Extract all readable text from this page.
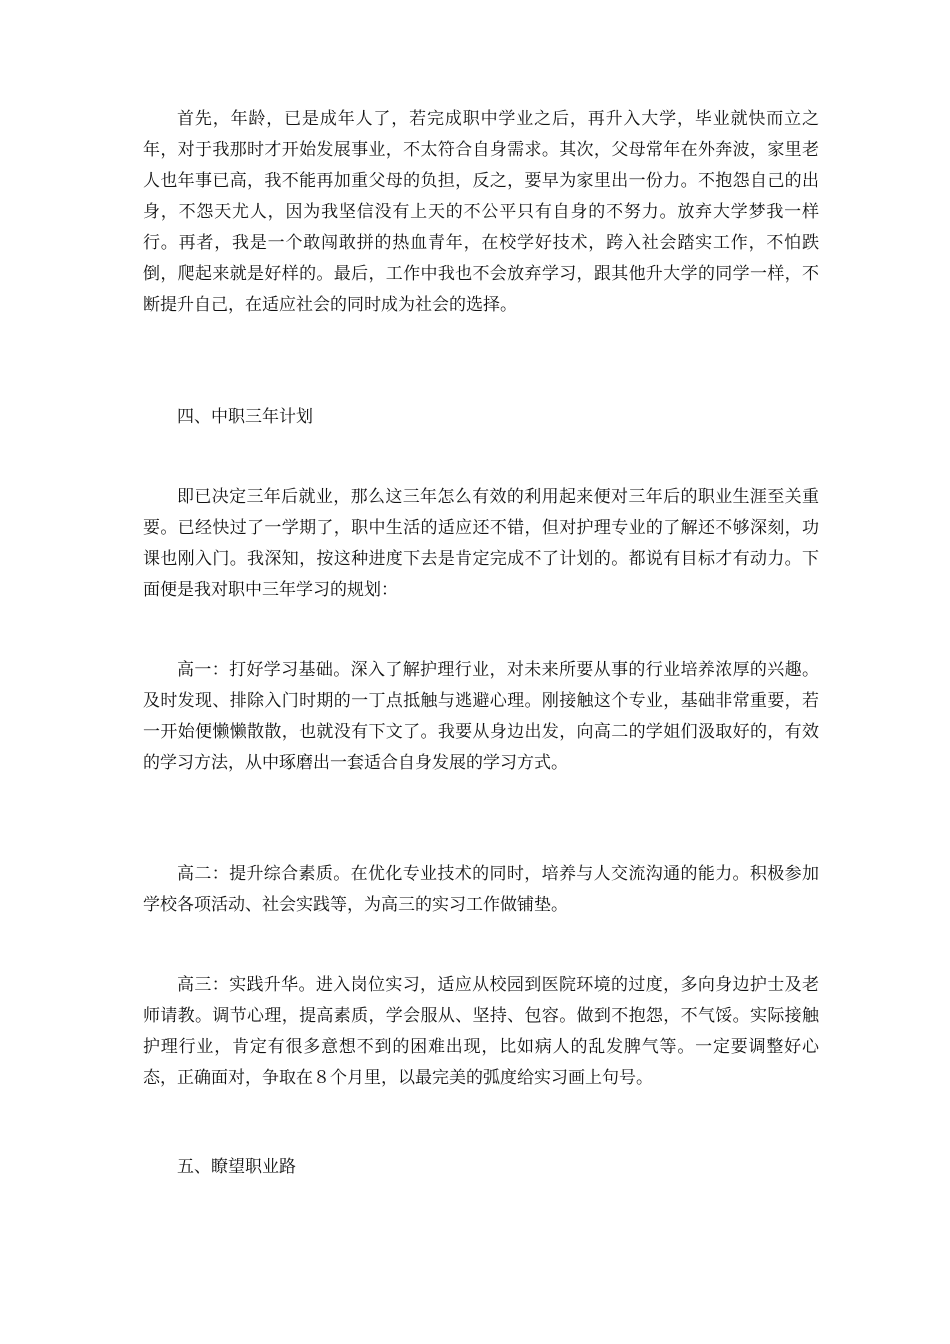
首先，年龄，已是成年人了，若完成职中学业之后，再升入大学，毕业就快而立之年，对于我那时才开始发展事业，不太符合自身需求。其次，父母常年在外奔波，家里老人也年事已高，我不能再加重父母的负担，反之，要早为家里出一份力。不抱怨自己的出身，不怨天尤人，因为我坚信没有上天的不公平只有自身的不努力。放弃大学梦我一样行。再者，我是一个敢闯敢拼的热血青年，在校学好技术，跨入社会踏实工作，不怕跌倒，爬起来就是好样的。最后，工作中我也不会放弃学习，跟其他升大学的同学一样，不断提升自己，在适应社会的同时成为社会的选择。

四、中职三年计划

即已决定三年后就业，那么这三年怎么有效的利用起来便对三年后的职业生涯至关重要。已经快过了一学期了，职中生活的适应还不错，但对护理专业的了解还不够深刻，功课也刚入门。我深知，按这种进度下去是肯定完成不了计划的。都说有目标才有动力。下面便是我对职中三年学习的规划：

高一：打好学习基础。深入了解护理行业，对未来所要从事的行业培养浓厚的兴趣。及时发现、排除入门时期的一丁点抵触与逃避心理。刚接触这个专业，基础非常重要，若一开始便懒懒散散，也就没有下文了。我要从身边出发，向高二的学姐们汲取好的，有效的学习方法，从中琢磨出一套适合自身发展的学习方式。

高二：提升综合素质。在优化专业技术的同时，培养与人交流沟通的能力。积极参加学校各项活动、社会实践等，为高三的实习工作做铺垫。

高三：实践升华。进入岗位实习，适应从校园到医院环境的过度，多向身边护士及老师请教。调节心理，提高素质，学会服从、坚持、包容。做到不抱怨，不气馁。实际接触护理行业，肯定有很多意想不到的困难出现，比如病人的乱发脾气等。一定要调整好心态，正确面对，争取在８个月里，以最完美的弧度给实习画上句号。

五、瞭望职业路
